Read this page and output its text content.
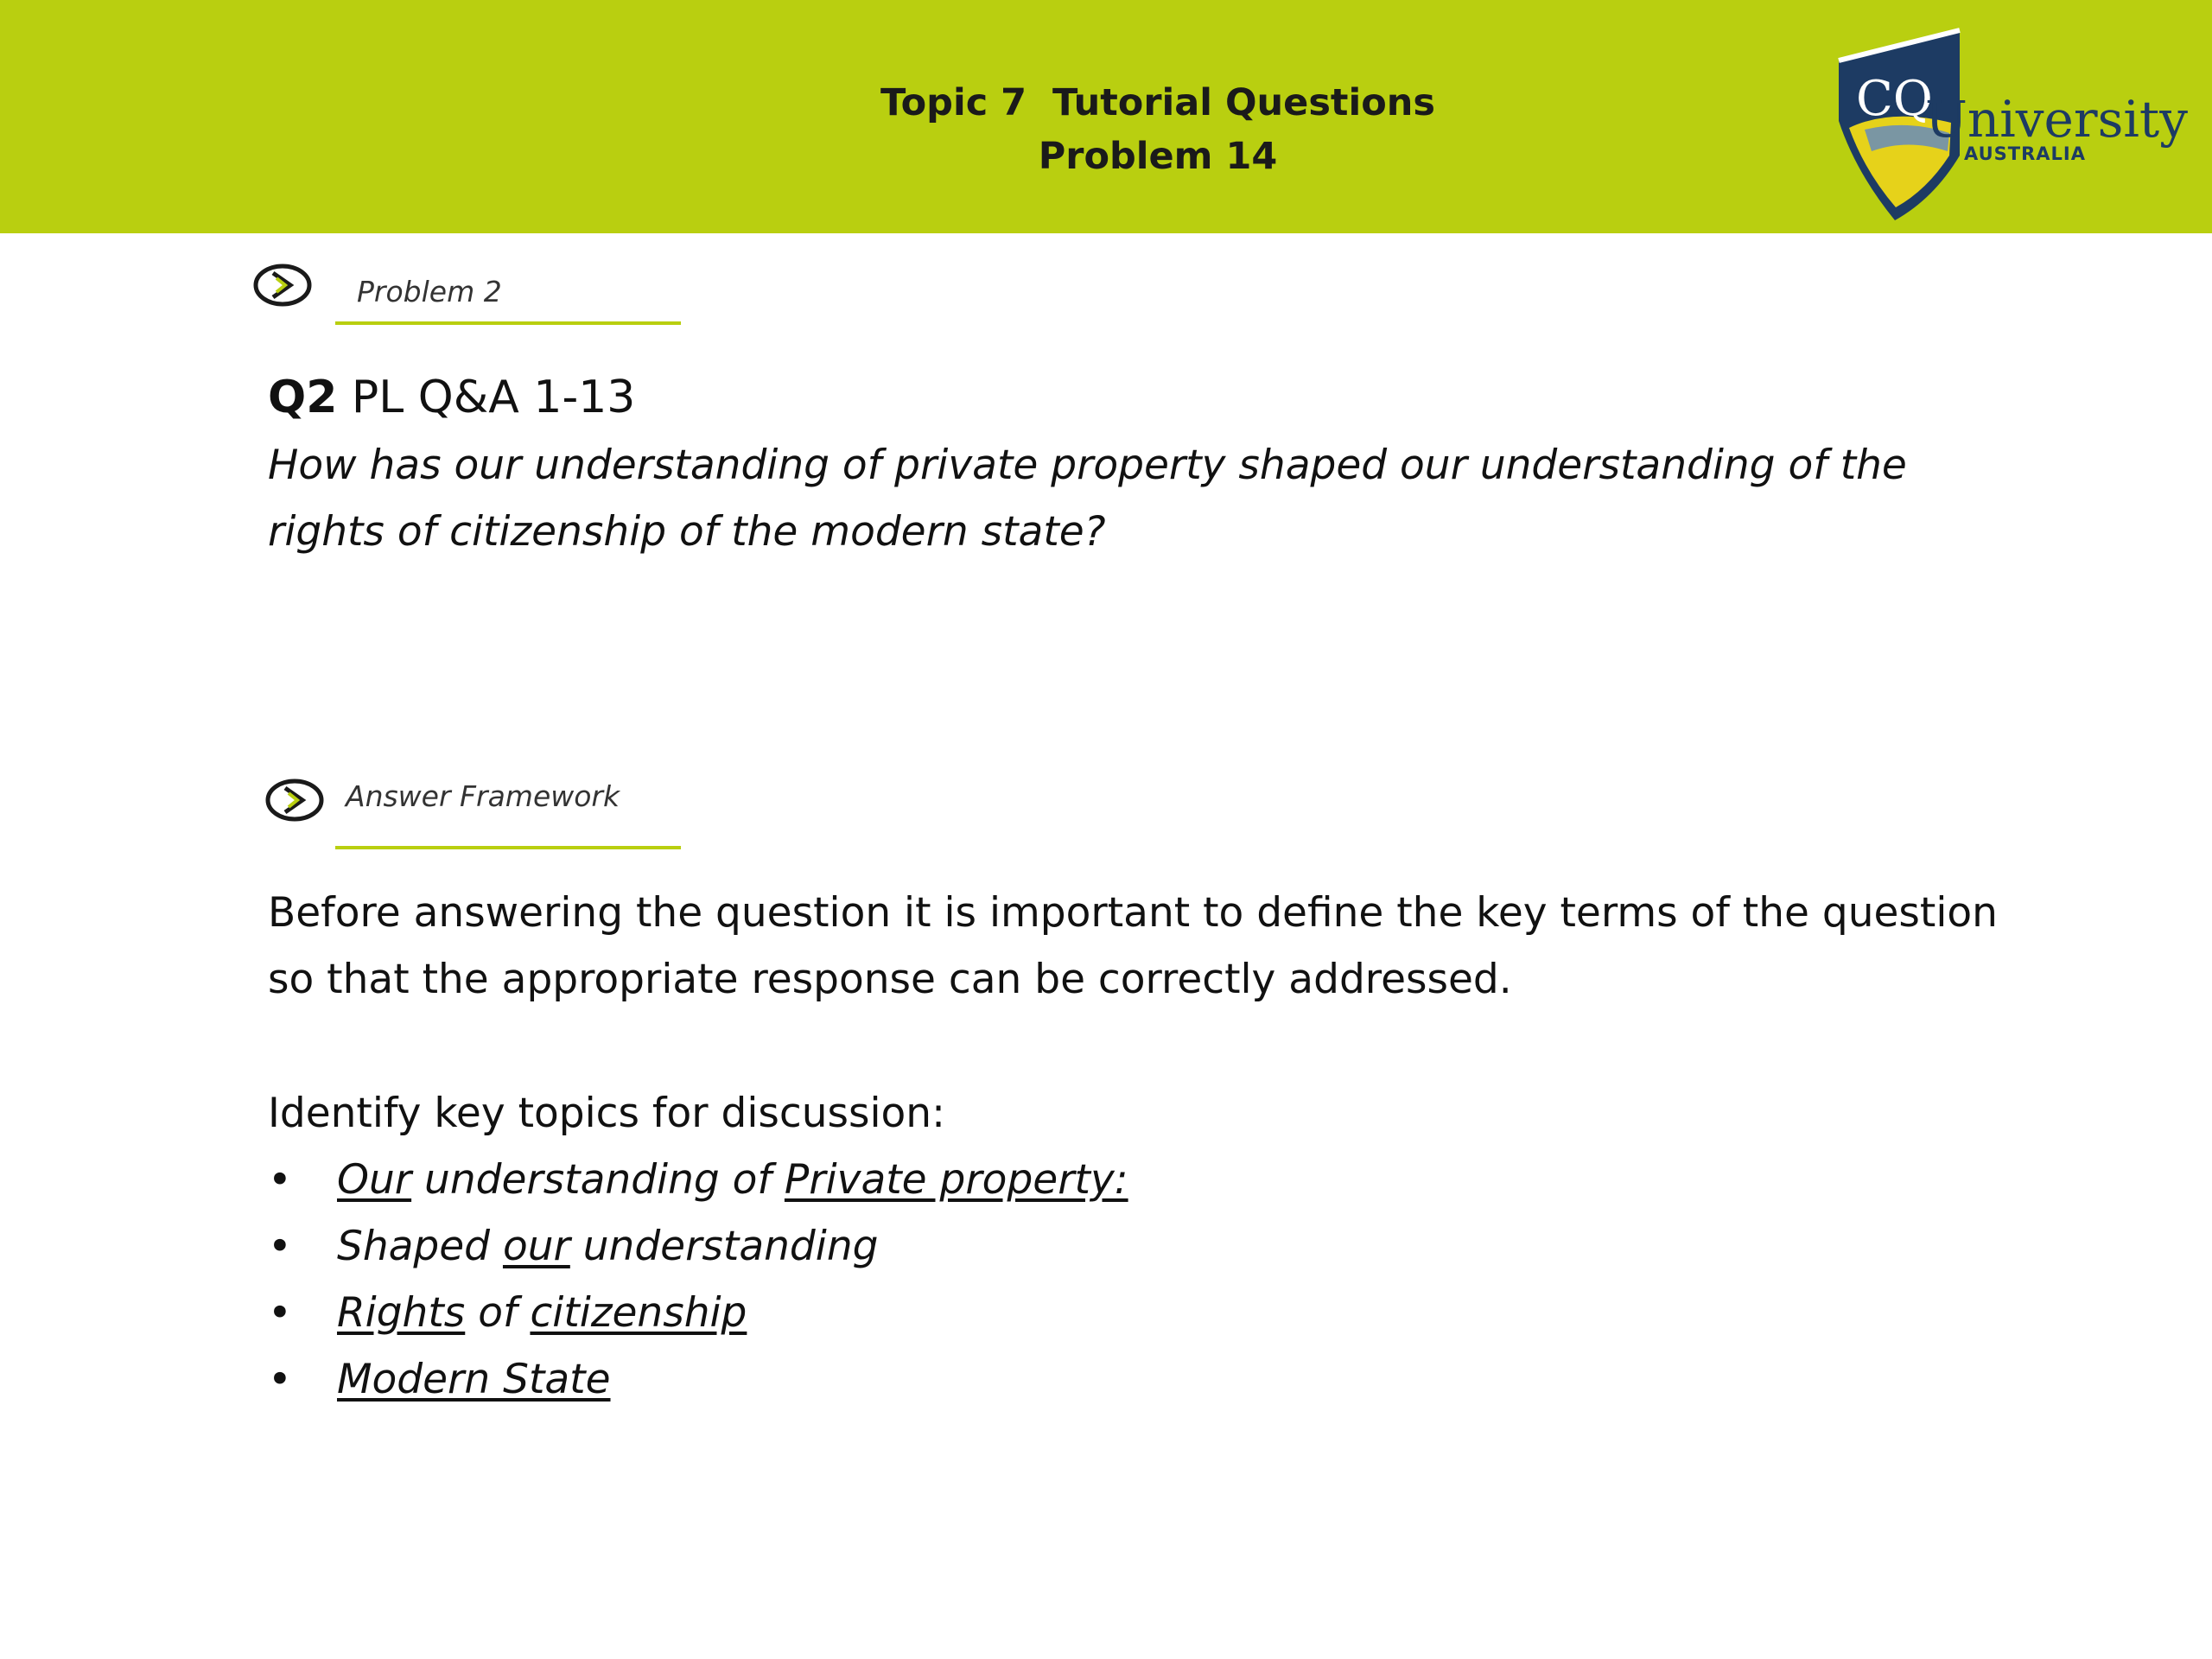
Topic 7  Tutorial Questions
Problem 14
CQ
University
AUSTRALIA
Problem 2
Q2 PL Q&A 1-13
How has our understanding of private property shaped our understanding of the rights of citizenship of the modern state?
Answer Framework
Before answering the question it is important to define the key terms of the question so that the appropriate response can be correctly addressed.
Identify key topics for discussion:
• Our understanding of Private property:
• Shaped our understanding
• Rights of citizenship
• Modern State
